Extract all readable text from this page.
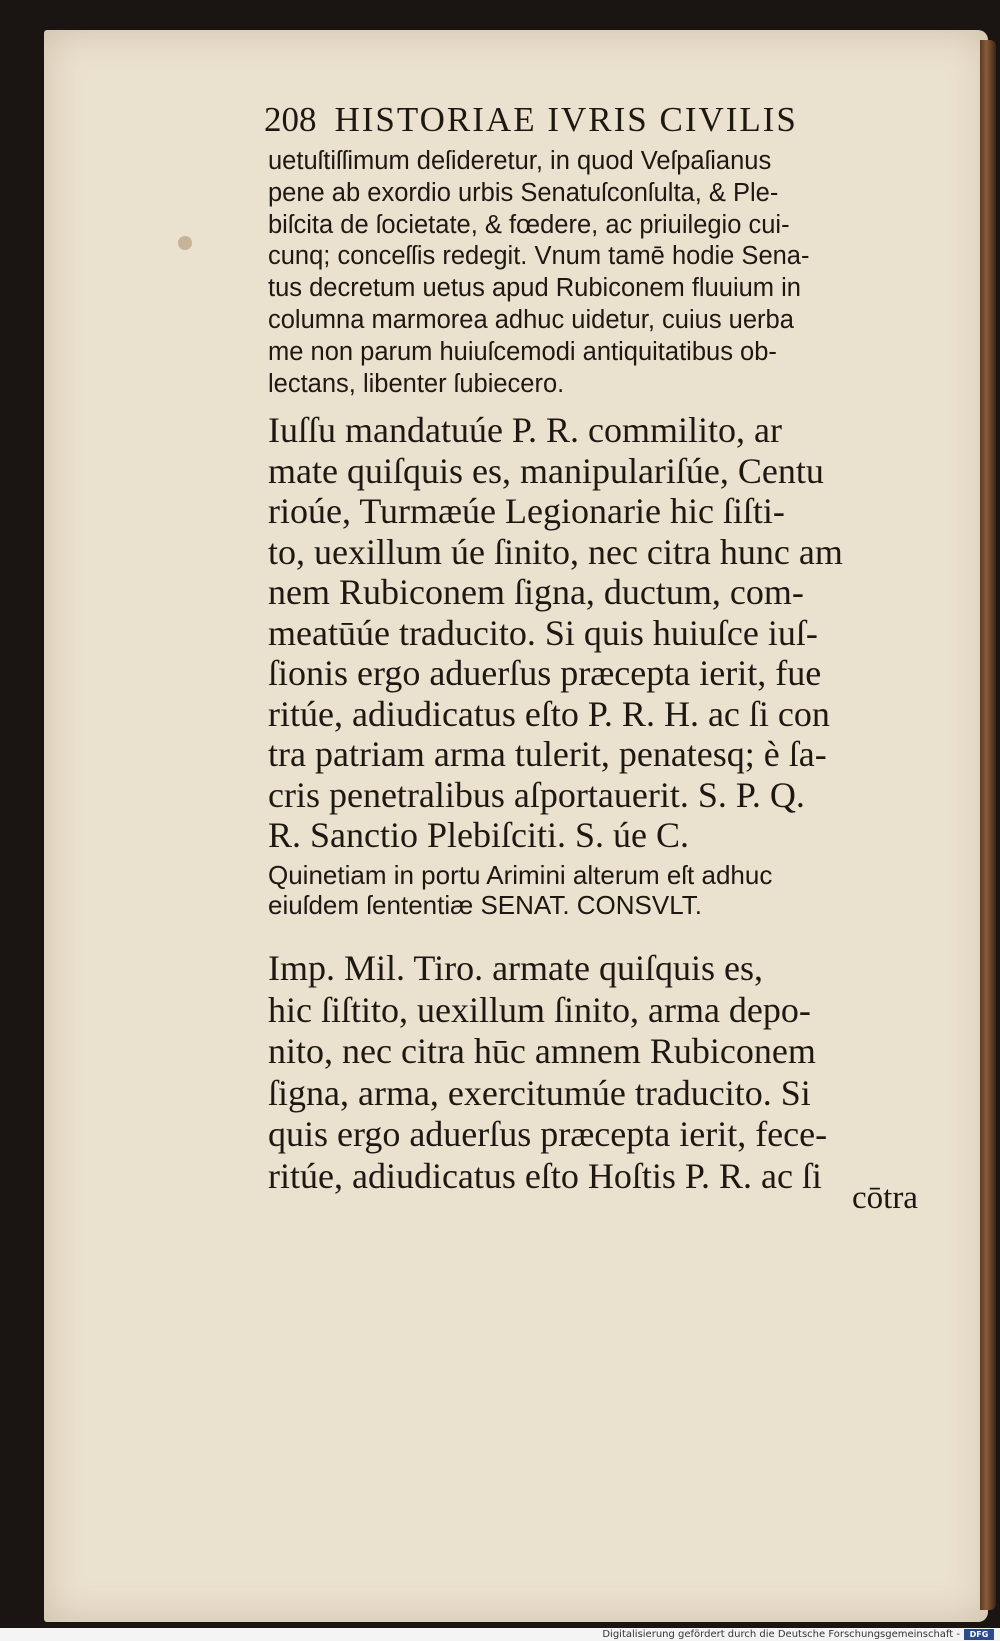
208 HISTORIAE IVRIS CIVILIS
uetuſtiſſimum deſideretur, in quod Veſpaſianus
pene ab exordio urbis Senatuſconſulta, & Ple-
biſcita de ſocietate, & fœdere, ac priuilegio cui-
cunq; conceſſis redegit. Vnum tamē hodie Sena-
tus decretum uetus apud Rubiconem fluuium in
columna marmorea adhuc uidetur, cuius uerba
me non parum huiuſcemodi antiquitatibus ob-
lectans, libenter ſubiecero.
Iuſſu mandatuúe P. R. commilito, ar
mate quiſquis es, manipulariſúe, Centu
rioúe, Turmæúe Legionarie hic ſiſti-
to, uexillum úe ſinito, nec citra hunc am
nem Rubiconem ſigna, ductum, com-
meatūúe traducito. Si quis huiuſce iuſ-
ſionis ergo aduerſus præcepta ierit, fue
ritúe, adiudicatus eſto P. R. H. ac ſi con
tra patriam arma tulerit, penatesq; è ſa-
cris penetralibus aſportauerit. S. P. Q.
R. Sanctio Plebiſciti. S. úe C.
Quinetiam in portu Arimini alterum eſt adhuc
eiuſdem ſententiæ SENAT. CONSVLT.
Imp. Mil. Tiro. armate quiſquis es,
hic ſiſtito, uexillum ſinito, arma depo-
nito, nec citra hūc amnem Rubiconem
ſigna, arma, exercitumúe traducito. Si
quis ergo aduerſus præcepta ierit, fece-
ritúe, adiudicatus eſto Hoſtis P. R. ac ſi
cōtra
Digitalisierung gefördert durch die Deutsche Forschungsgemeinschaft -	DFG
